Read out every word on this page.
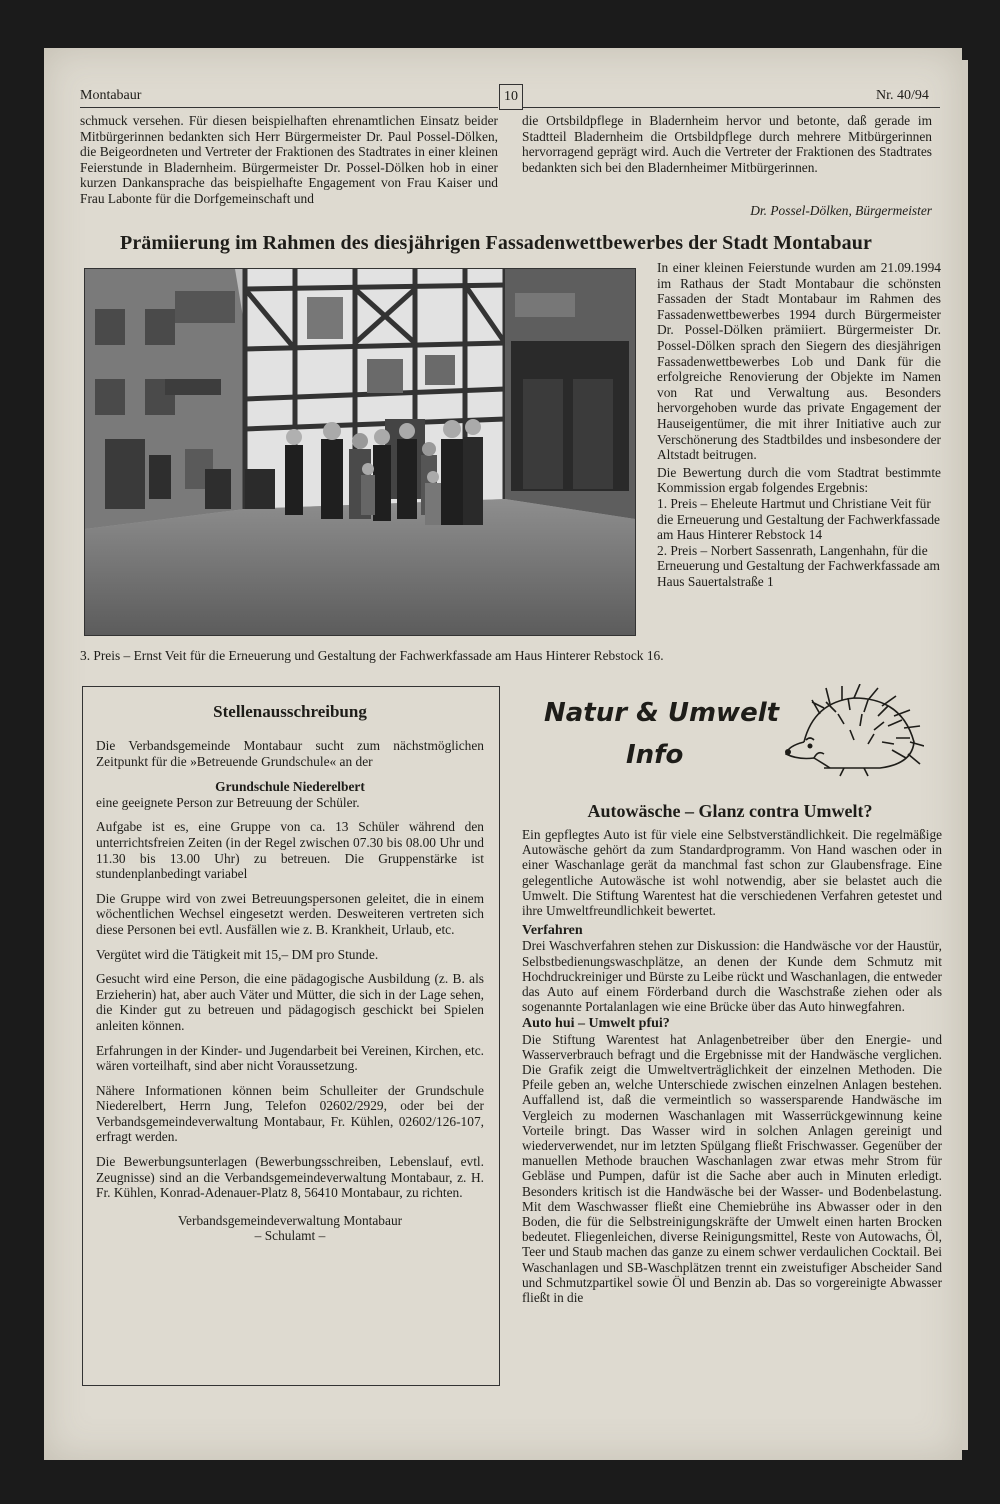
Montabaur	10	Nr. 40/94
schmuck versehen. Für diesen beispielhaften ehrenamtlichen Einsatz beider Mitbürgerinnen bedankten sich Herr Bürgermeister Dr. Paul Possel-Dölken, die Beigeordneten und Vertreter der Fraktionen des Stadtrates in einer kleinen Feierstunde in Bladernheim. Bürgermeister Dr. Possel-Dölken hob in einer kurzen Dankansprache das beispielhafte Engagement von Frau Kaiser und Frau Labonte für die Dorfgemeinschaft und
die Ortsbildpflege in Bladernheim hervor und betonte, daß gerade im Stadtteil Bladernheim die Ortsbildpflege durch mehrere Mitbürgerinnen hervorragend geprägt wird. Auch die Vertreter der Fraktionen des Stadtrates bedankten sich bei den Bladernheimer Mitbürgerinnen.
Dr. Possel-Dölken, Bürgermeister
Prämiierung im Rahmen des diesjährigen Fassadenwettbewerbes der Stadt Montabaur

In einer kleinen Feierstunde wurden am 21.09.1994 im Rathaus der Stadt Montabaur die schönsten Fassaden der Stadt Montabaur im Rahmen des Fassadenwettbewerbes 1994 durch Bürgermeister Dr. Possel-Dölken prämiiert. Bürgermeister Dr. Possel-Dölken sprach den Siegern des diesjährigen Fassadenwettbewerbes Lob und Dank für die erfolgreiche Renovierung der Objekte im Namen von Rat und Verwaltung aus. Besonders hervorgehoben wurde das private Engagement der Hauseigentümer, die mit ihrer Initiative auch zur Verschönerung des Stadtbildes und insbesondere der Altstadt beitrugen.

Die Bewertung durch die vom Stadtrat bestimmte Kommission ergab folgendes Ergebnis:

1. Preis – Eheleute Hartmut und Christiane Veit für die Erneuerung und Gestaltung der Fachwerkfassade am Haus Hinterer Rebstock 14

2. Preis – Norbert Sassenrath, Langenhahn, für die Erneuerung und Gestaltung der Fachwerkfassade am Haus Sauertalstraße 1

3. Preis – Ernst Veit für die Erneuerung und Gestaltung der Fachwerkfassade am Haus Hinterer Rebstock 16.
Stellenausschreibung

Die Verbandsgemeinde Montabaur sucht zum nächstmöglichen Zeitpunkt für die »Betreuende Grundschule« an der

Grundschule Niederelbert

eine geeignete Person zur Betreuung der Schüler.

Aufgabe ist es, eine Gruppe von ca. 13 Schüler während den unterrichtsfreien Zeiten (in der Regel zwischen 07.30 bis 08.00 Uhr und 11.30 bis 13.00 Uhr) zu betreuen. Die Gruppenstärke ist stundenplanbedingt variabel

Die Gruppe wird von zwei Betreuungspersonen geleitet, die in einem wöchentlichen Wechsel eingesetzt werden. Desweiteren vertreten sich diese Personen bei evtl. Ausfällen wie z. B. Krankheit, Urlaub, etc.

Vergütet wird die Tätigkeit mit 15,– DM pro Stunde.

Gesucht wird eine Person, die eine pädagogische Ausbildung (z. B. als Erzieherin) hat, aber auch Väter und Mütter, die sich in der Lage sehen, die Kinder gut zu betreuen und pädagogisch geschickt bei Spielen anleiten können.

Erfahrungen in der Kinder- und Jugendarbeit bei Vereinen, Kirchen, etc. wären vorteilhaft, sind aber nicht Voraussetzung.

Nähere Informationen können beim Schulleiter der Grundschule Niederelbert, Herrn Jung, Telefon 02602/2929, oder bei der Verbandsgemeindeverwaltung Montabaur, Fr. Kühlen, 02602/126-107, erfragt werden.

Die Bewerbungsunterlagen (Bewerbungsschreiben, Lebenslauf, evtl. Zeugnisse) sind an die Verbandsgemeindeverwaltung Montabaur, z. H. Fr. Kühlen, Konrad-Adenauer-Platz 8, 56410 Montabaur, zu richten.

Verbandsgemeindeverwaltung Montabaur

– Schulamt –

Natur & Umwelt
Info
Autowäsche – Glanz contra Umwelt?

Ein gepflegtes Auto ist für viele eine Selbstverständlichkeit. Die regelmäßige Autowäsche gehört da zum Standardprogramm. Von Hand waschen oder in einer Waschanlage gerät da manchmal fast schon zur Glaubensfrage. Eine gelegentliche Autowäsche ist wohl notwendig, aber sie belastet auch die Umwelt. Die Stiftung Warentest hat die verschiedenen Verfahren getestet und ihre Umweltfreundlichkeit bewertet.

Verfahren

Drei Waschverfahren stehen zur Diskussion: die Handwäsche vor der Haustür, Selbstbedienungswaschplätze, an denen der Kunde dem Schmutz mit Hochdruckreiniger und Bürste zu Leibe rückt und Waschanlagen, die entweder das Auto auf einem Förderband durch die Waschstraße ziehen oder als sogenannte Portalanlagen wie eine Brücke über das Auto hinwegfahren.

Auto hui – Umwelt pfui?

Die Stiftung Warentest hat Anlagenbetreiber über den Energie- und Wasserverbrauch befragt und die Ergebnisse mit der Handwäsche verglichen. Die Grafik zeigt die Umweltverträglichkeit der einzelnen Methoden. Die Pfeile geben an, welche Unterschiede zwischen einzelnen Anlagen bestehen. Auffallend ist, daß die vermeintlich so wassersparende Handwäsche im Vergleich zu modernen Waschanlagen mit Wasserrückgewinnung keine Vorteile bringt. Das Wasser wird in solchen Anlagen gereinigt und wiederverwendet, nur im letzten Spülgang fließt Frischwasser. Gegenüber der manuellen Methode brauchen Waschanlagen zwar etwas mehr Strom für Gebläse und Pumpen, dafür ist die Sache aber auch in Minuten erledigt. Besonders kritisch ist die Handwäsche bei der Wasser- und Bodenbelastung. Mit dem Waschwasser fließt eine Chemiebrühe ins Abwasser oder in den Boden, die für die Selbstreinigungskräfte der Umwelt einen harten Brocken bedeutet. Fliegenleichen, diverse Reinigungsmittel, Reste von Autowachs, Öl, Teer und Staub machen das ganze zu einem schwer verdaulichen Cocktail. Bei Waschanlagen und SB-Waschplätzen trennt ein zweistufiger Abscheider Sand und Schmutzpartikel sowie Öl und Benzin ab. Das so vorgereinigte Abwasser fließt in die
